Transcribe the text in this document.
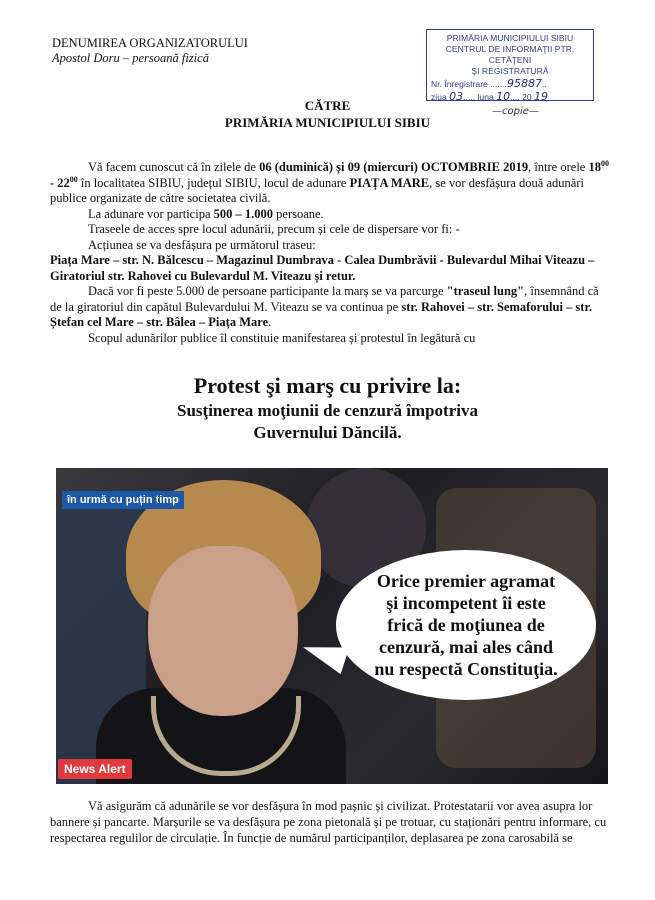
DENUMIREA ORGANIZATORULUI
Apostol Doru – persoană fizică
PRIMĂRIA MUNICIPIULUI SIBIU
CENTRUL DE INFORMAŢII PTR. CETĂŢENI
ŞI REGISTRATURĂ
Nr. Înregistrare .......95887..
ziua 03..... luna 10.... 20 19
—copie—
CĂTRE
PRIMĂRIA MUNICIPIULUI SIBIU

Vă facem cunoscut că în zilele de 06 (duminică) și 09 (miercuri) OCTOMBRIE 2019, între orele $18^{00} - 22^{00}$ în localitatea SIBIU, județul SIBIU, locul de adunare PIAȚA MARE, se vor desfășura două adunări publice organizate de către societatea civilă.

La adunare vor participa 500 – 1.000 persoane.

Traseele de acces spre locul adunării, precum și cele de dispersare vor fi: -

Acțiunea se va desfășura pe următorul traseu:

Piața Mare – str. N. Bălcescu – Magazinul Dumbrava - Calea Dumbrăvii - Bulevardul Mihai Viteazu – Giratoriul str. Rahovei cu Bulevardul M. Viteazu și retur.

Dacă vor fi peste 5.000 de persoane participante la marș se va parcurge "traseul lung", însemnând că de la giratoriul din capătul Bulevardului M. Viteazu se va continua pe str. Rahovei – str. Semaforului – str. Ștefan cel Mare – str. Bâlea – Piața Mare.

Scopul adunărilor publice îl constituie manifestarea și protestul în legătură cu

Protest şi marş cu privire la:
Susţinerea moţiunii de cenzură împotriva
Guvernului Dăncilă.
în urmă cu puțin timp
Orice premier agramat
şi incompetent îi este
frică de moţiunea de
cenzură, mai ales când
nu respectă Constituţia.
News Alert

Vă asigurăm că adunările se vor desfășura în mod pașnic și civilizat. Protestatarii vor avea asupra lor bannere și pancarte. Marșurile se va desfășura pe zona pietonală și pe trotuar, cu staționări pentru informare, cu respectarea regulilor de circulație. În funcție de numărul participanților, deplasarea pe zona carosabilă se
